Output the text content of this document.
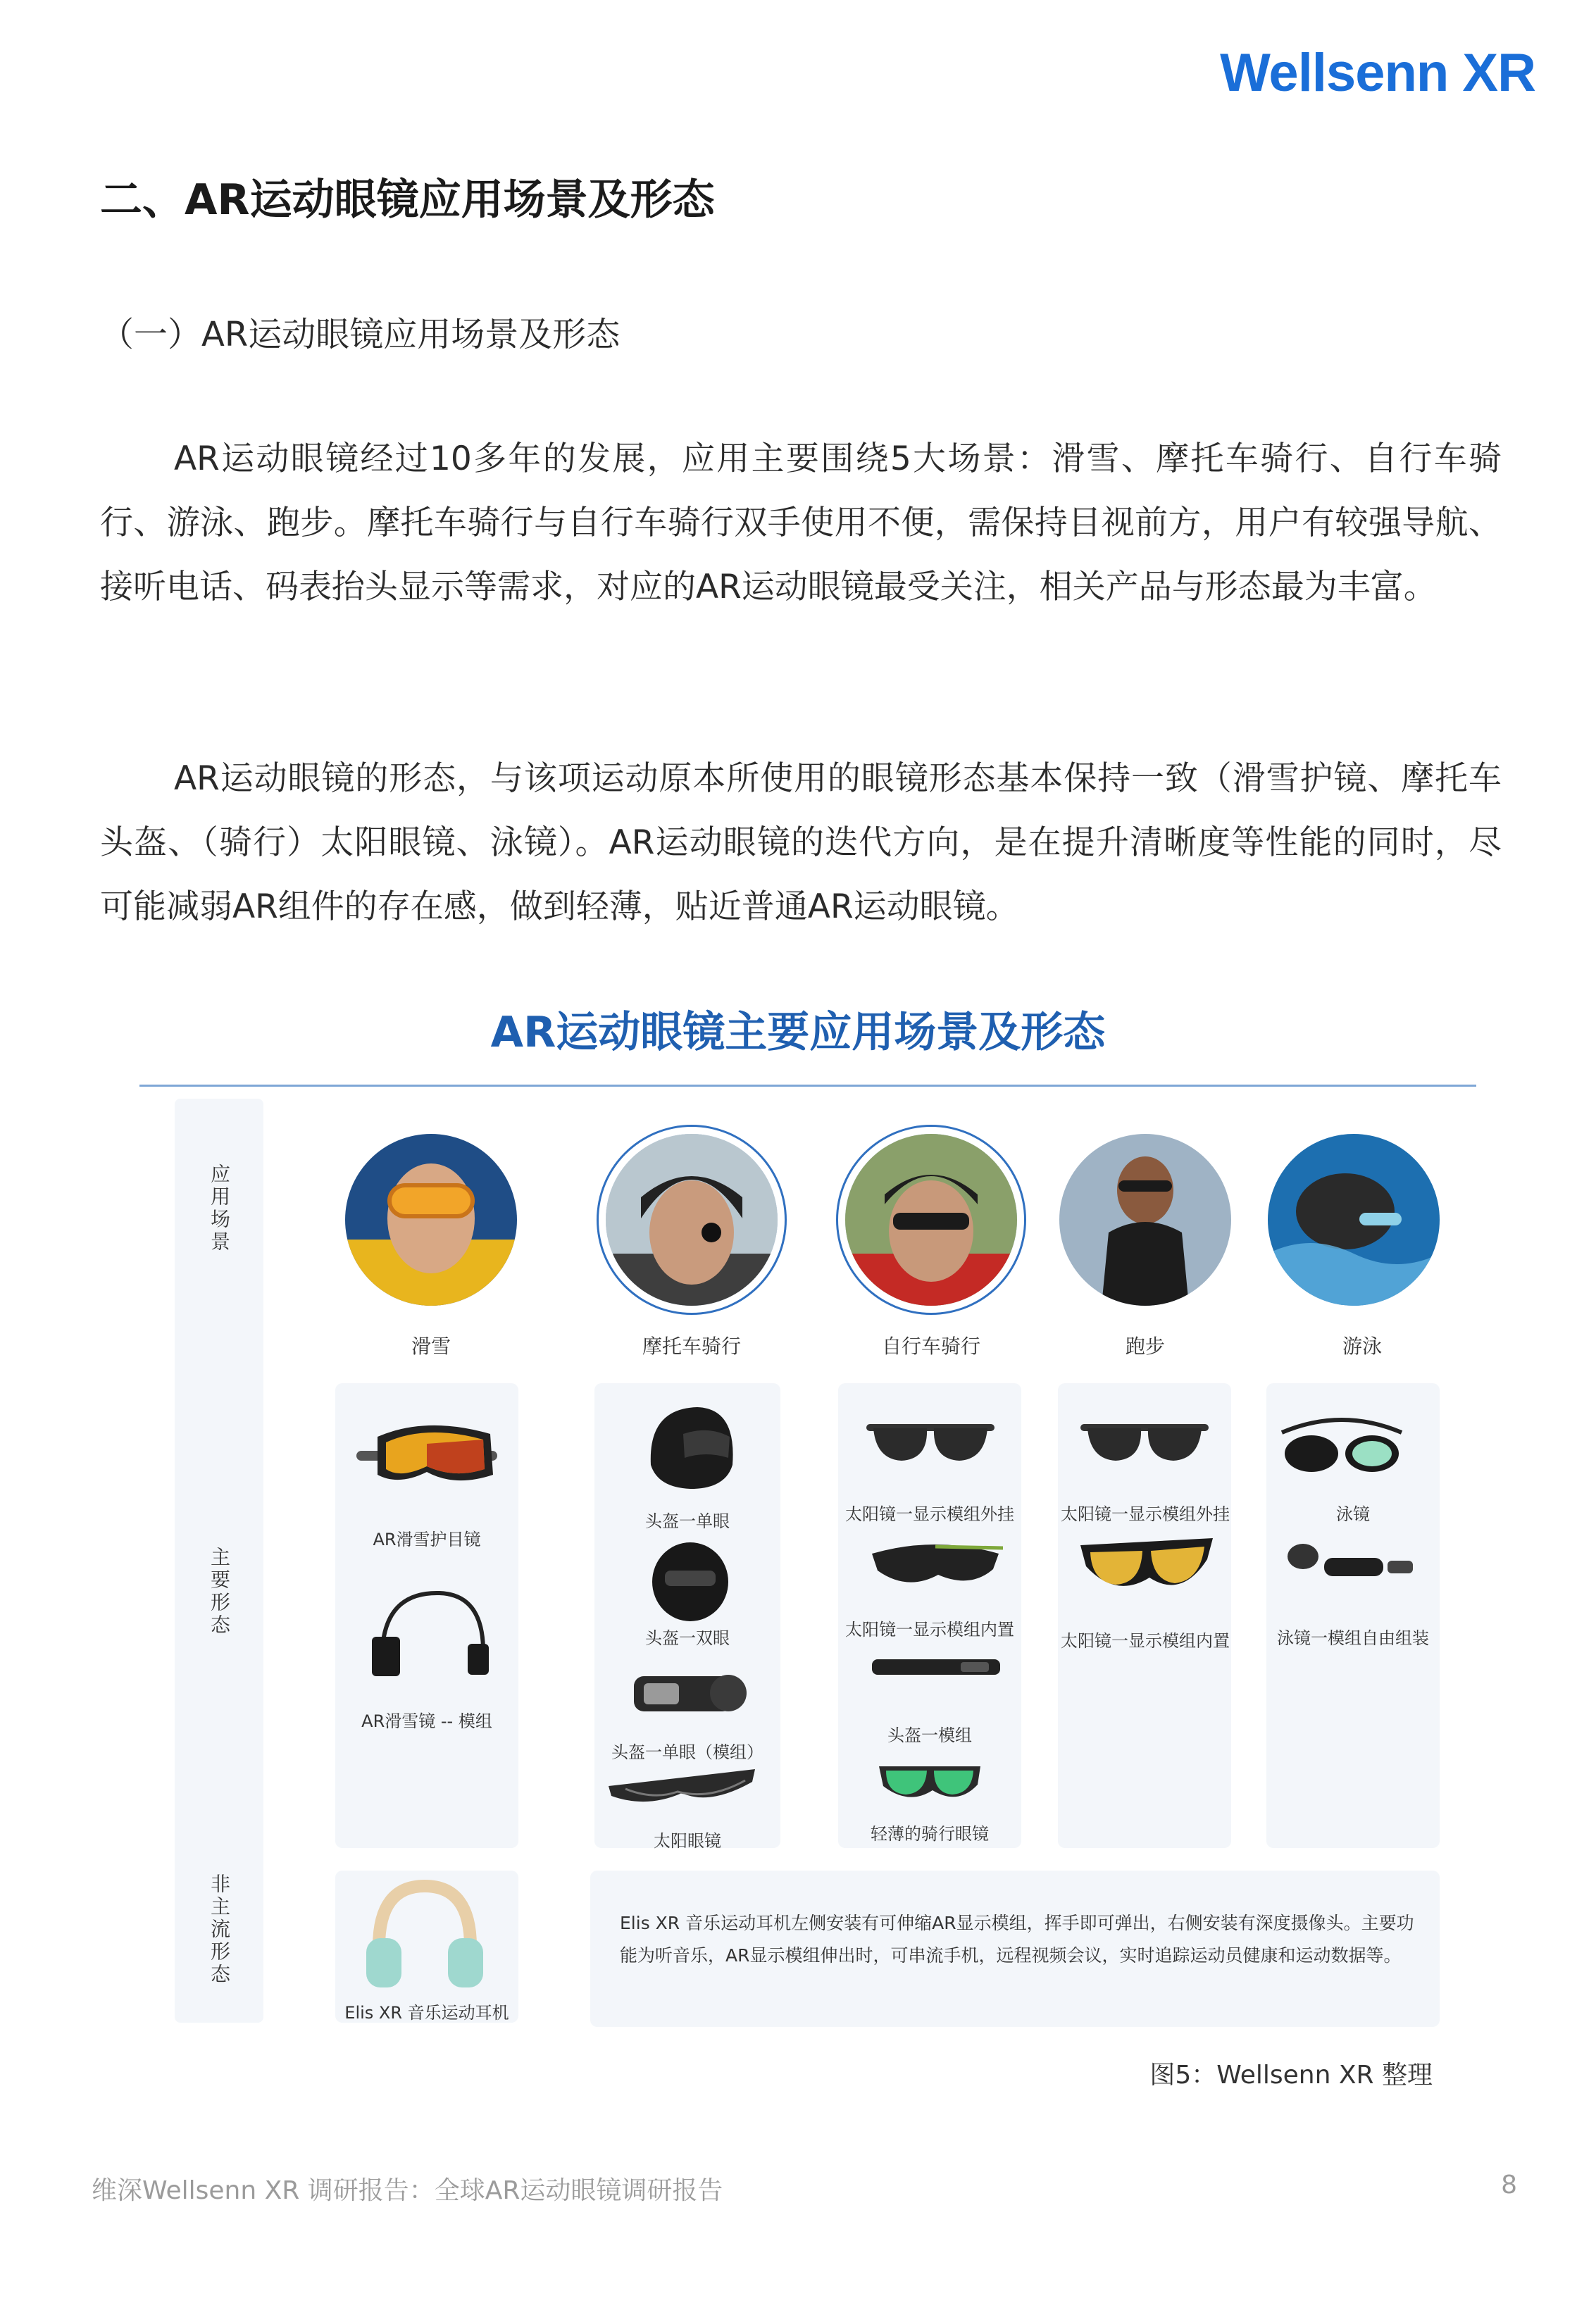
Wellsenn XR
二、AR运动眼镜应用场景及形态
（一）AR运动眼镜应用场景及形态

AR运动眼镜经过10多年的发展，应用主要围绕5大场景：滑雪、摩托车骑行、自行车骑行、游泳、跑步。摩托车骑行与自行车骑行双手使用不便，需保持目视前方，用户有较强导航、接听电话、码表抬头显示等需求，对应的AR运动眼镜最受关注，相关产品与形态最为丰富。

AR运动眼镜的形态，与该项运动原本所使用的眼镜形态基本保持一致（滑雪护镜、摩托车头盔、（骑行）太阳眼镜、泳镜）。AR运动眼镜的迭代方向，是在提升清晰度等性能的同时，尽可能减弱AR组件的存在感，做到轻薄，贴近普通AR运动眼镜。

AR运动眼镜主要应用场景及形态
应用场景
主要形态
非主流形态
滑雪	摩托车骑行	自行车骑行	跑步	游泳
AR滑雪护目镜
AR滑雪镜 -- 模组
头盔一单眼
头盔一双眼
头盔一单眼（模组）
太阳眼镜
太阳镜一显示模组外挂
太阳镜一显示模组内置
头盔一模组
轻薄的骑行眼镜
太阳镜一显示模组外挂
太阳镜一显示模组内置
泳镜
泳镜一模组自由组装
Elis XR 音乐运动耳机
Elis XR 音乐运动耳机左侧安装有可伸缩AR显示模组，挥手即可弹出，右侧安装有深度摄像头。主要功能为听音乐，AR显示模组伸出时，可串流手机，远程视频会议，实时追踪运动员健康和运动数据等。
图5：Wellsenn XR 整理
维深Wellsenn XR 调研报告：全球AR运动眼镜调研报告	8
